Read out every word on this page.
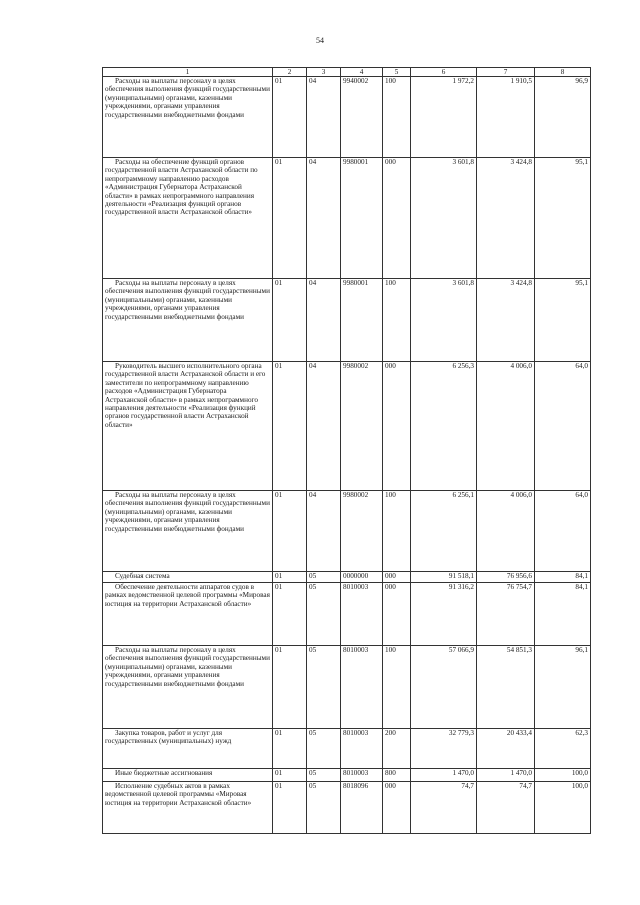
54
1	2	3	4	5	6	7	8
Расходы на выплаты персоналу в целях обеспечения выполнения функций государственными (муниципальными) органами, казенными учреждениями, органами управления государственными внебюджетными фондами	01	04	9940002	100	1 972,2	1 910,5	96,9
Расходы на обеспечение функций органов государственной власти Астраханской области по непрограммному направлению расходов «Администрация Губернатора Астраханской области» в рамках непрограммного направления деятельности «Реализация функций органов государственной власти Астраханской области»	01	04	9980001	000	3 601,8	3 424,8	95,1
Расходы на выплаты персоналу в целях обеспечения выполнения функций государственными (муниципальными) органами, казенными учреждениями, органами управления государственными внебюджетными фондами	01	04	9980001	100	3 601,8	3 424,8	95,1
Руководитель высшего исполнительного органа государственной власти Астраханской области и его заместители по непрограммному направлению расходов «Администрация Губернатора Астраханской области» в рамках непрограммного направления деятельности «Реализация функций органов государственной власти Астраханской области»	01	04	9980002	000	6 256,3	4 006,0	64,0
Расходы на выплаты персоналу в целях обеспечения выполнения функций государственными (муниципальными) органами, казенными учреждениями, органами управления государственными внебюджетными фондами	01	04	9980002	100	6 256,1	4 006,0	64,0
Судебная система	01	05	0000000	000	91 518,1	76 956,6	84,1
Обеспечение деятельности аппаратов судов в рамках ведомственной целевой программы «Мировая юстиция на территории Астраханской области»	01	05	8010003	000	91 316,2	76 754,7	84,1
Расходы на выплаты персоналу в целях обеспечения выполнения функций государственными (муниципальными) органами, казенными учреждениями, органами управления государственными внебюджетными фондами	01	05	8010003	100	57 066,9	54 851,3	96,1
Закупка товаров, работ и услуг для государственных (муниципальных) нужд	01	05	8010003	200	32 779,3	20 433,4	62,3
Иные бюджетные ассигнования	01	05	8010003	800	1 470,0	1 470,0	100,0
Исполнение судебных актов в рамках ведомственной целевой программы «Мировая юстиция на территории Астраханской области»	01	05	8018096	000	74,7	74,7	100,0
